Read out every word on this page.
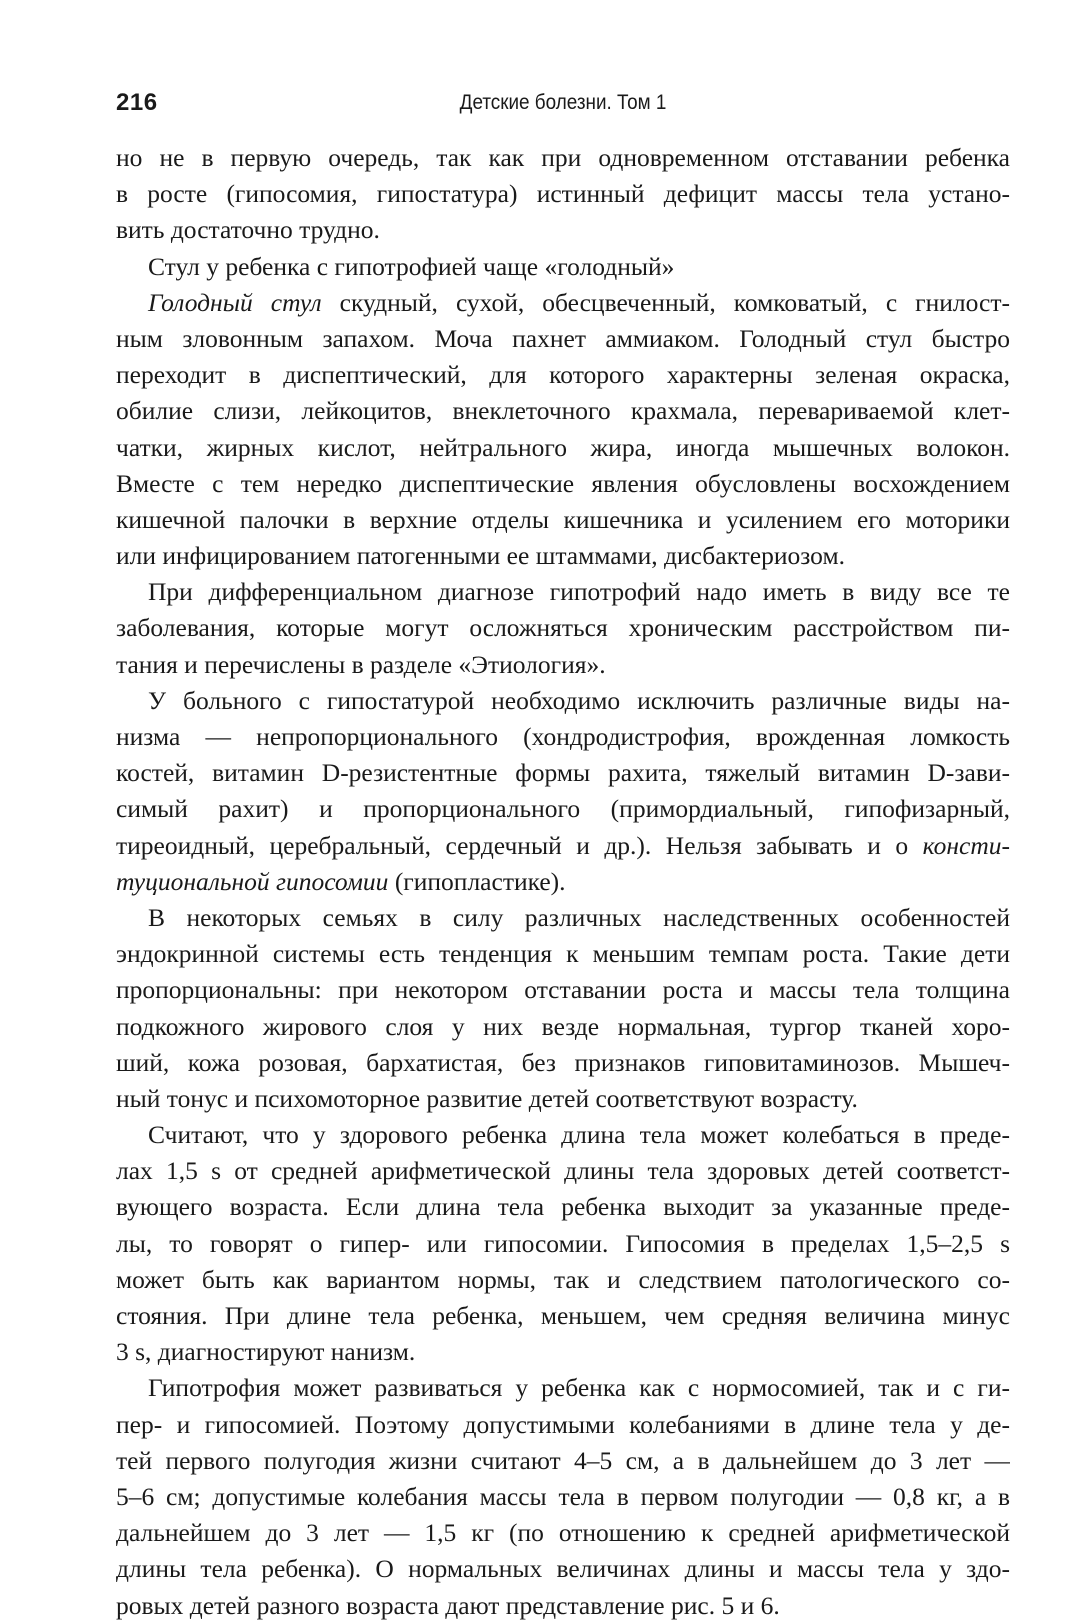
216	Детские болезни. Том 1
но не в первую очередь, так как при одновременном отставании ребенка
в росте (гипосомия, гипостатура) истинный дефицит массы тела устано-
вить достаточно трудно.
Стул у ребенка с гипотрофией чаще «голодный»
Голодный стул скудный, сухой, обесцвеченный, комковатый, с гнилост-
ным зловонным запахом. Моча пахнет аммиаком. Голодный стул быстро
переходит в диспептический, для которого характерны зеленая окраска,
обилие слизи, лейкоцитов, внеклеточного крахмала, перевариваемой клет-
чатки, жирных кислот, нейтрального жира, иногда мышечных волокон.
Вместе с тем нередко диспептические явления обусловлены восхождением
кишечной палочки в верхние отделы кишечника и усилением его моторики
или инфицированием патогенными ее штаммами, дисбактериозом.
При дифференциальном диагнозе гипотрофий надо иметь в виду все те
заболевания, которые могут осложняться хроническим расстройством пи-
тания и перечислены в разделе «Этиология».
У больного с гипостатурой необходимо исключить различные виды на-
низма — непропорционального (хондродистрофия, врожденная ломкость
костей, витамин D-резистентные формы рахита, тяжелый витамин D-зави-
симый рахит) и пропорционального (примордиальный, гипофизарный,
тиреоидный, церебральный, сердечный и др.). Нельзя забывать и о консти-
туциональной гипосомии (гипопластике).
В некоторых семьях в силу различных наследственных особенностей
эндокринной системы есть тенденция к меньшим темпам роста. Такие дети
пропорциональны: при некотором отставании роста и массы тела толщина
подкожного жирового слоя у них везде нормальная, тургор тканей хоро-
ший, кожа розовая, бархатистая, без признаков гиповитаминозов. Мышеч-
ный тонус и психомоторное развитие детей соответствуют возрасту.
Считают, что у здорового ребенка длина тела может колебаться в преде-
лах 1,5 s от средней арифметической длины тела здоровых детей соответст-
вующего возраста. Если длина тела ребенка выходит за указанные преде-
лы, то говорят о гипер- или гипосомии. Гипосомия в пределах 1,5–2,5 s
может быть как вариантом нормы, так и следствием патологического со-
стояния. При длине тела ребенка, меньшем, чем средняя величина минус
3 s, диагностируют нанизм.
Гипотрофия может развиваться у ребенка как с нормосомией, так и с ги-
пер- и гипосомией. Поэтому допустимыми колебаниями в длине тела у де-
тей первого полугодия жизни считают 4–5 см, а в дальнейшем до 3 лет —
5–6 см; допустимые колебания массы тела в первом полугодии — 0,8 кг, а в
дальнейшем до 3 лет — 1,5 кг (по отношению к средней арифметической
длины тела ребенка). О нормальных величинах длины и массы тела у здо-
ровых детей разного возраста дают представление рис. 5 и 6.
